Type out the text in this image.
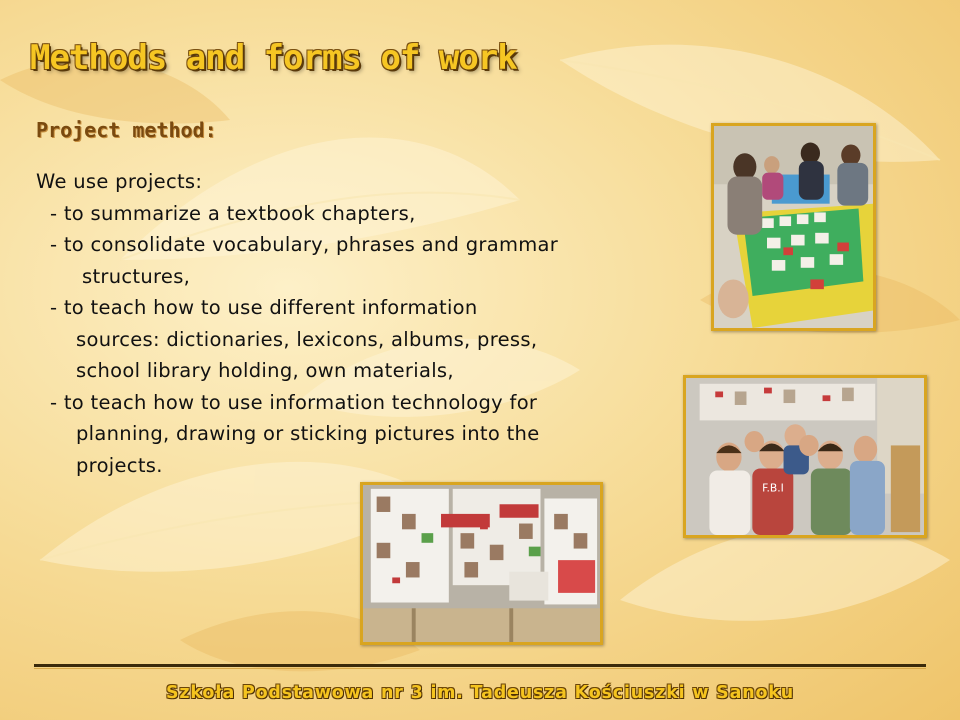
Methods and forms of work
Project method:
We use projects:
- to summarize a textbook chapters,
- to consolidate vocabulary, phrases and grammar
structures,
- to teach how to use different information
sources: dictionaries, lexicons, albums, press,
school library holding, own materials,
- to teach how to use information technology for
planning, drawing or sticking pictures into the
projects.
F.B.I
Szkoła Podstawowa nr 3 im. Tadeusza Kościuszki w Sanoku
